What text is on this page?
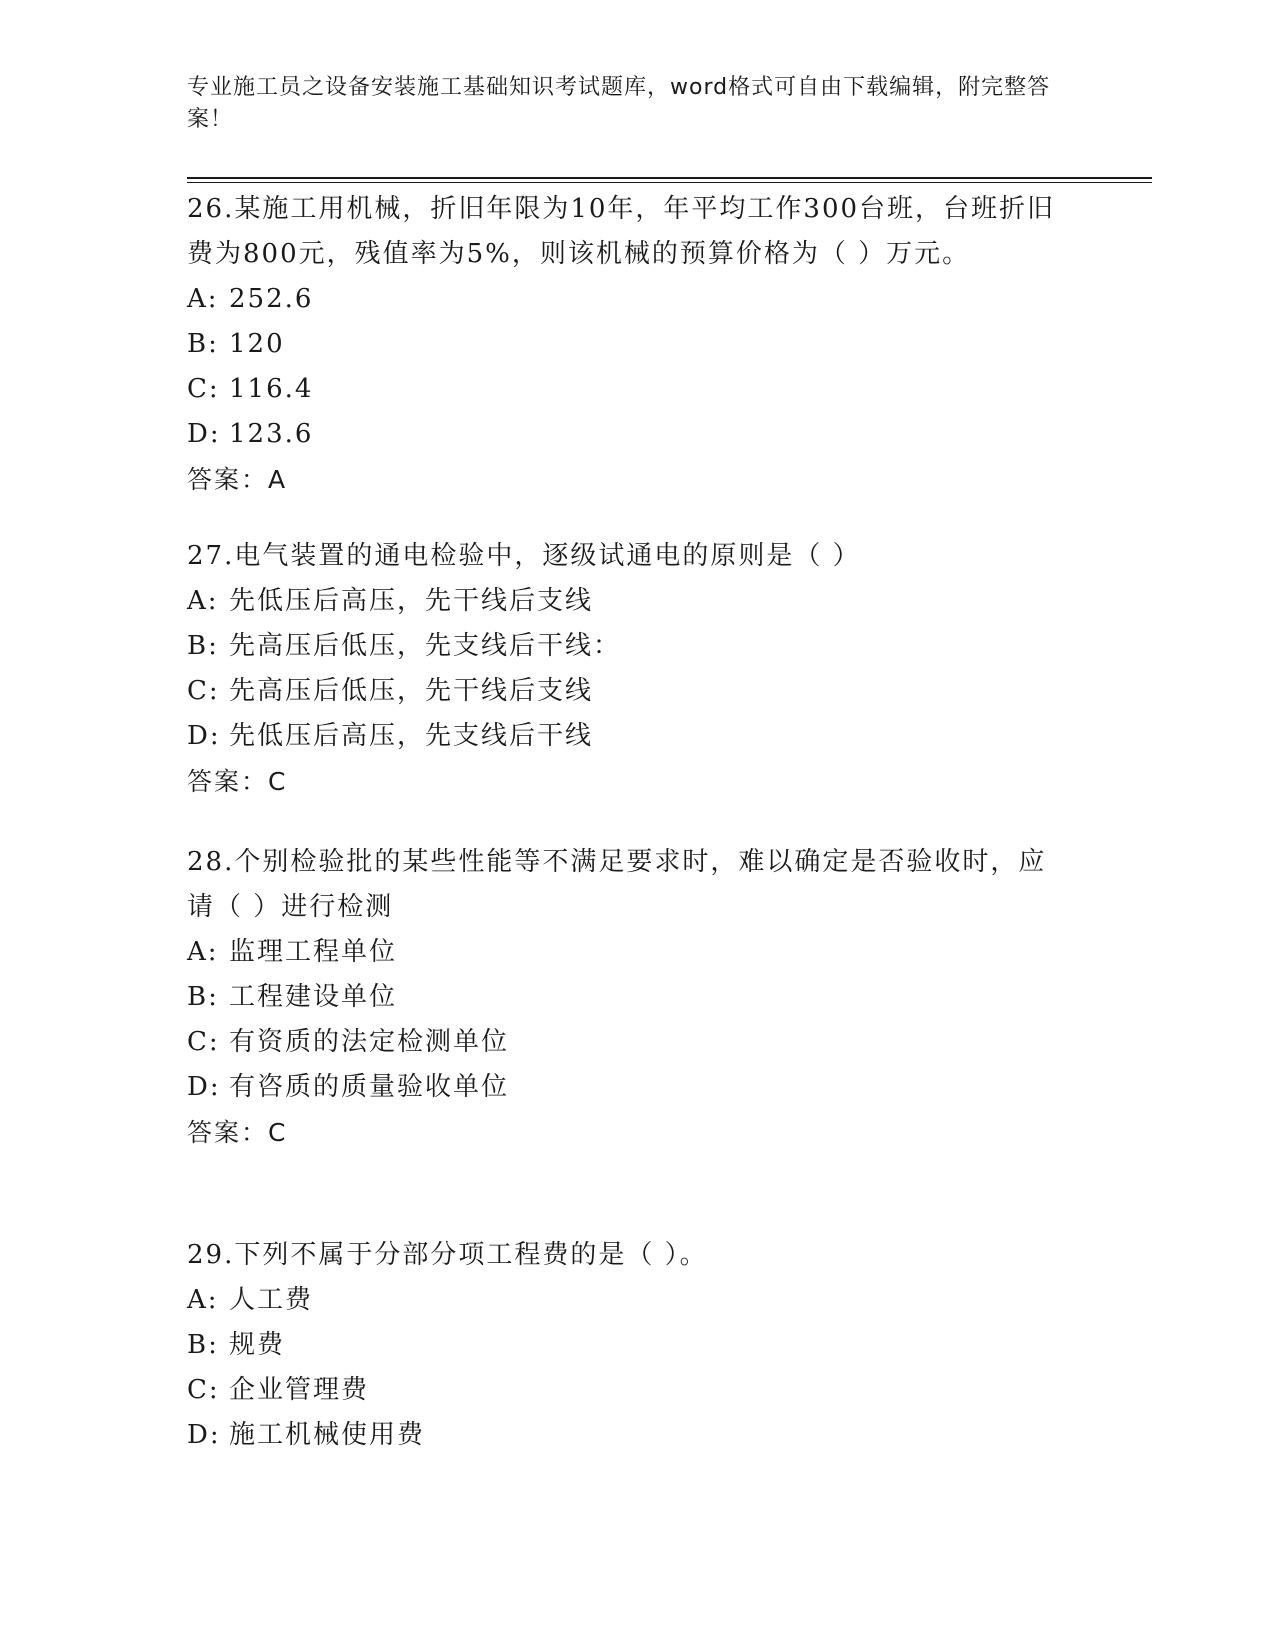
专业施工员之设备安装施工基础知识考试题库，word格式可自由下载编辑，附完整答案！

26.某施工用机械，折旧年限为10年，年平均工作300台班，台班折旧费为800元，残值率为5%，则该机械的预算价格为（ ）万元。

A: 252.6
B: 120
C: 116.4
D: 123.6
答案：A

27.电气装置的通电检验中，逐级试通电的原则是（ ）

A: 先低压后高压，先干线后支线
B: 先高压后低压，先支线后干线：
C: 先高压后低压，先干线后支线
D: 先低压后高压，先支线后干线
答案：C

28.个别检验批的某些性能等不满足要求时，难以确定是否验收时，应请（ ）进行检测

A: 监理工程单位
B: 工程建设单位
C: 有资质的法定检测单位
D: 有咨质的质量验收单位
答案：C

29.下列不属于分部分项工程费的是（ ）。

A: 人工费
B: 规费
C: 企业管理费
D: 施工机械使用费
